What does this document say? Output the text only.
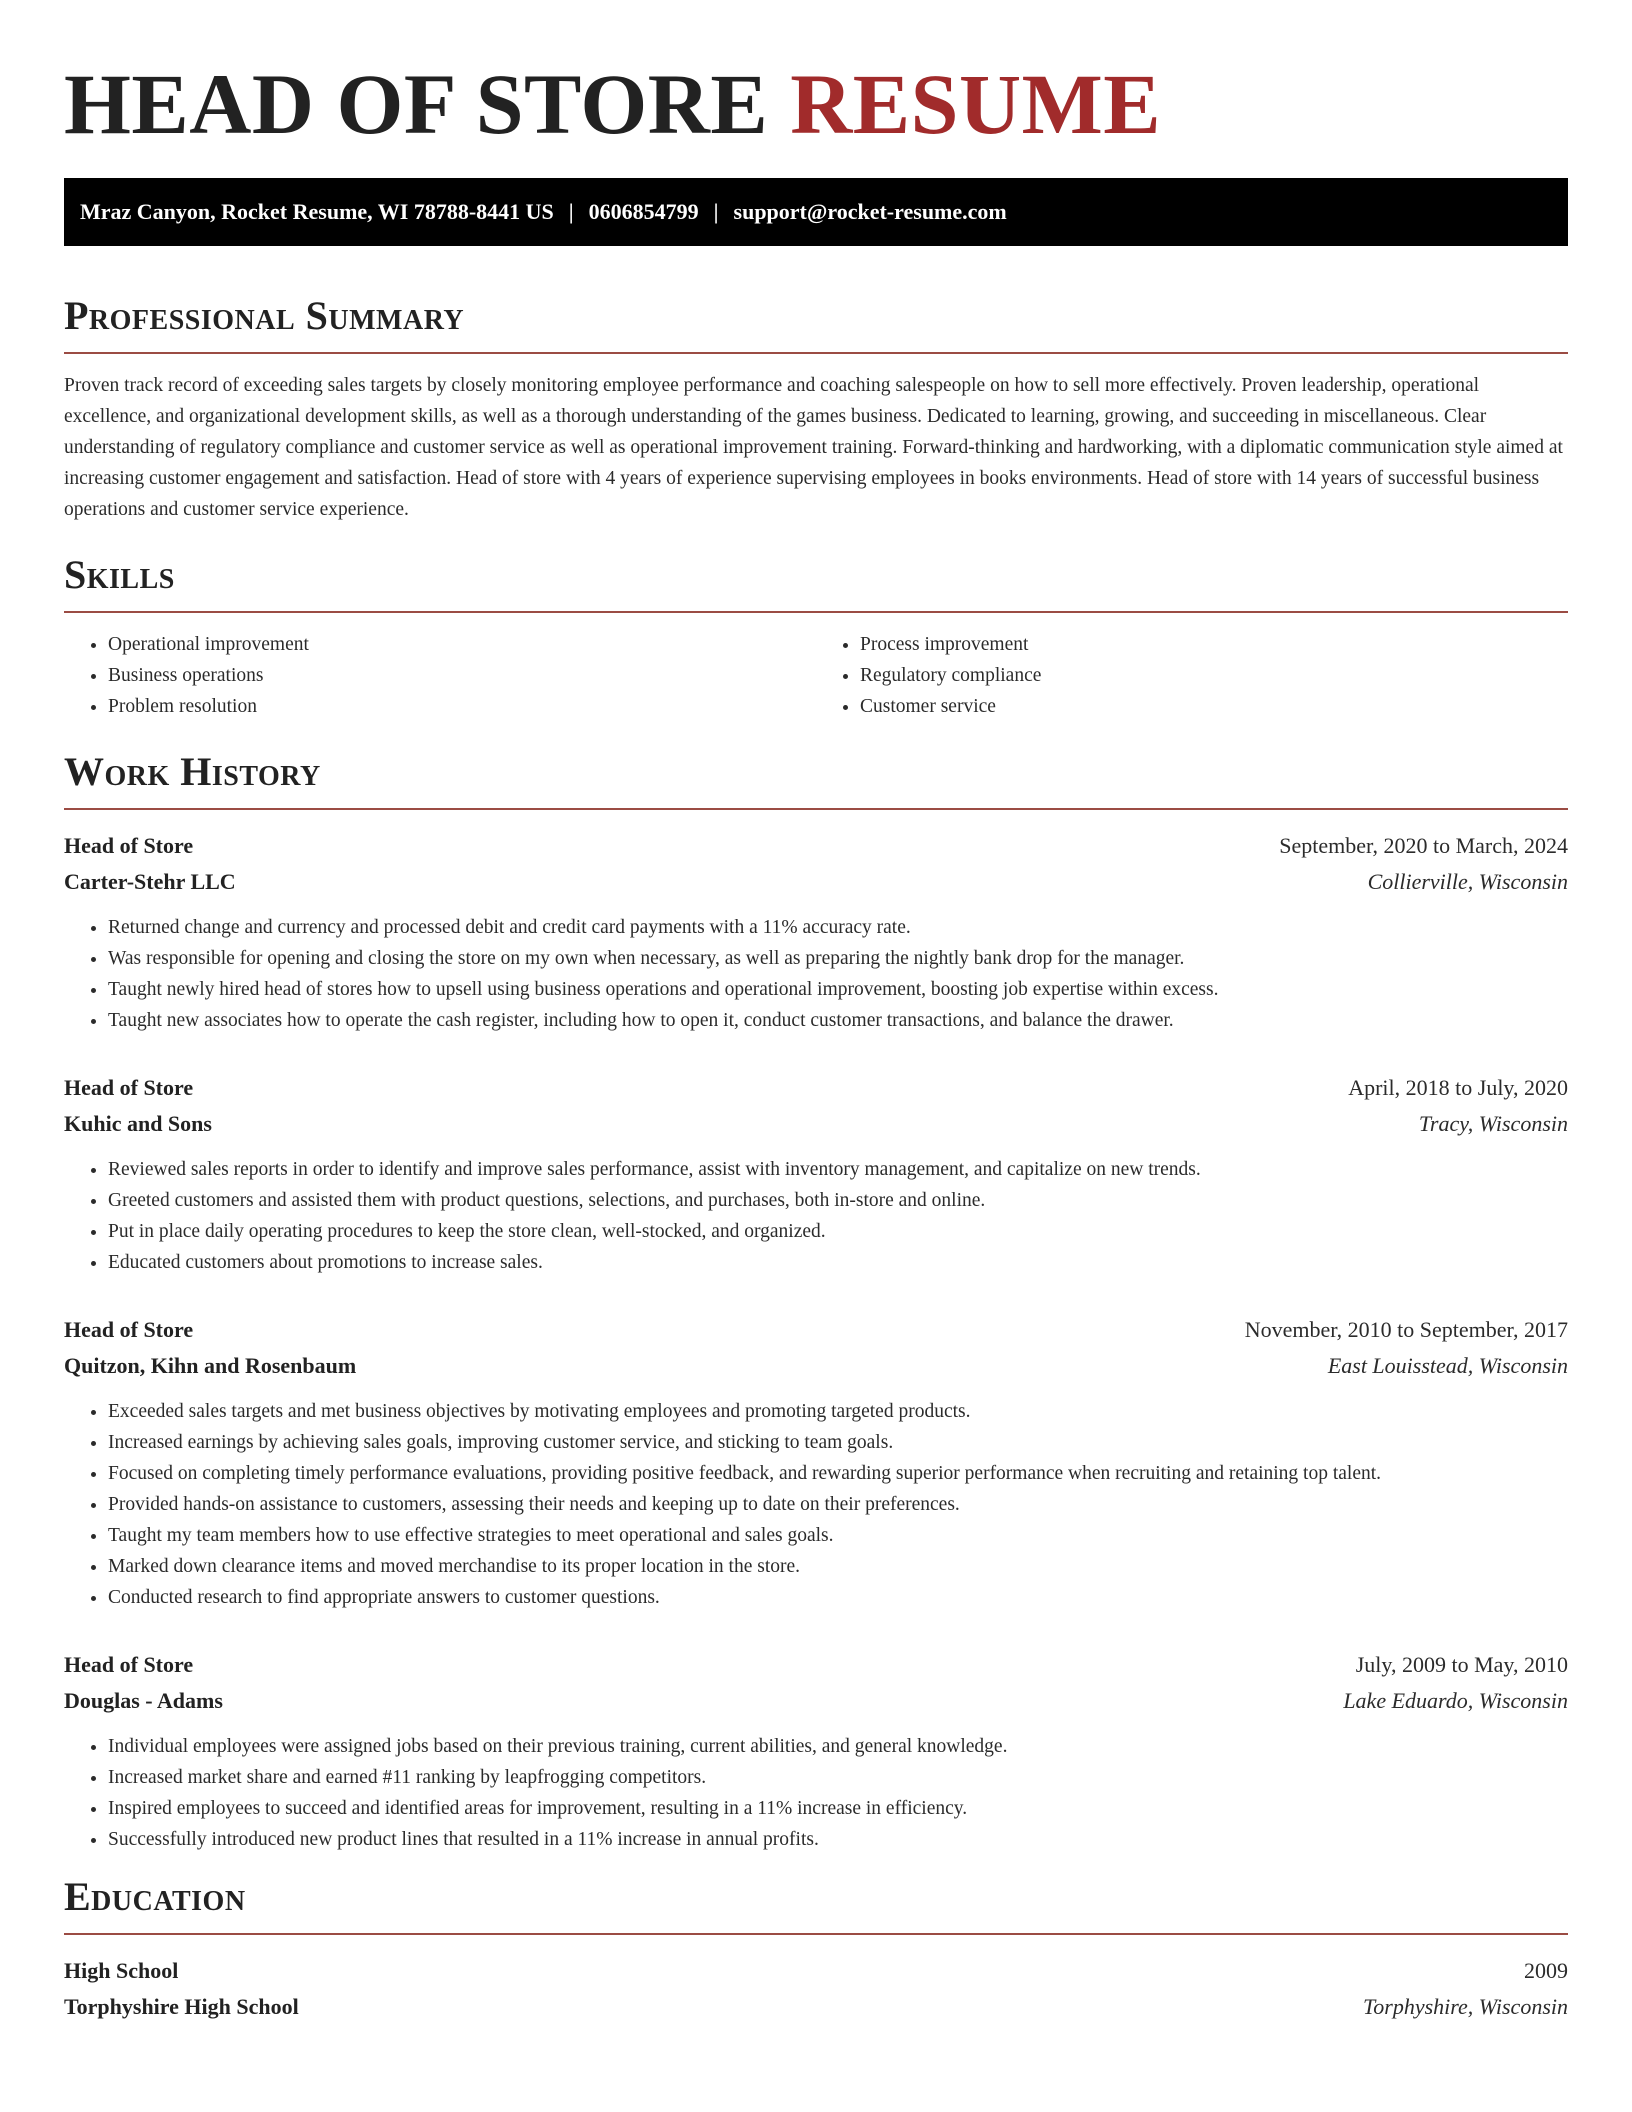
HEAD OF STORE RESUME
Mraz Canyon, Rocket Resume, WI 78788-8441 US | 0606854799 | support@rocket-resume.com
Professional Summary

Proven track record of exceeding sales targets by closely monitoring employee performance and coaching salespeople on how to sell more effectively. Proven leadership, operational excellence, and organizational development skills, as well as a thorough understanding of the games business. Dedicated to learning, growing, and succeeding in miscellaneous. Clear understanding of regulatory compliance and customer service as well as operational improvement training. Forward-thinking and hardworking, with a diplomatic communication style aimed at increasing customer engagement and satisfaction. Head of store with 4 years of experience supervising employees in books environments. Head of store with 14 years of successful business operations and customer service experience.

Skills
• Operational improvement
• Business operations
• Problem resolution
• Process improvement
• Regulatory compliance
• Customer service
Work History
Head of Store	September, 2020 to March, 2024
Carter-Stehr LLC	Collierville, Wisconsin
• Returned change and currency and processed debit and credit card payments with a 11% accuracy rate.
• Was responsible for opening and closing the store on my own when necessary, as well as preparing the nightly bank drop for the manager.
• Taught newly hired head of stores how to upsell using business operations and operational improvement, boosting job expertise within excess.
• Taught new associates how to operate the cash register, including how to open it, conduct customer transactions, and balance the drawer.
Head of Store	April, 2018 to July, 2020
Kuhic and Sons	Tracy, Wisconsin
• Reviewed sales reports in order to identify and improve sales performance, assist with inventory management, and capitalize on new trends.
• Greeted customers and assisted them with product questions, selections, and purchases, both in-store and online.
• Put in place daily operating procedures to keep the store clean, well-stocked, and organized.
• Educated customers about promotions to increase sales.
Head of Store	November, 2010 to September, 2017
Quitzon, Kihn and Rosenbaum	East Louisstead, Wisconsin
• Exceeded sales targets and met business objectives by motivating employees and promoting targeted products.
• Increased earnings by achieving sales goals, improving customer service, and sticking to team goals.
• Focused on completing timely performance evaluations, providing positive feedback, and rewarding superior performance when recruiting and retaining top talent.
• Provided hands-on assistance to customers, assessing their needs and keeping up to date on their preferences.
• Taught my team members how to use effective strategies to meet operational and sales goals.
• Marked down clearance items and moved merchandise to its proper location in the store.
• Conducted research to find appropriate answers to customer questions.
Head of Store	July, 2009 to May, 2010
Douglas - Adams	Lake Eduardo, Wisconsin
• Individual employees were assigned jobs based on their previous training, current abilities, and general knowledge.
• Increased market share and earned #11 ranking by leapfrogging competitors.
• Inspired employees to succeed and identified areas for improvement, resulting in a 11% increase in efficiency.
• Successfully introduced new product lines that resulted in a 11% increase in annual profits.
Education
High School	2009
Torphyshire High School	Torphyshire, Wisconsin
